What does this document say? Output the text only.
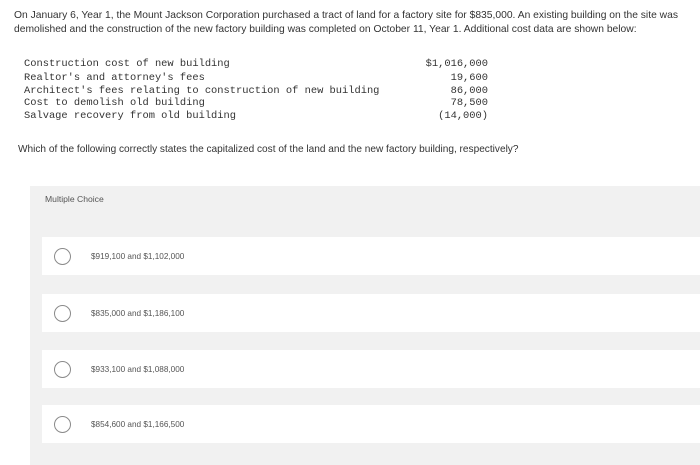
On January 6, Year 1, the Mount Jackson Corporation purchased a tract of land for a factory site for $835,000. An existing building on the site was demolished and the construction of the new factory building was completed on October 11, Year 1. Additional cost data are shown below:
Construction cost of new building	$1,016,000
Realtor's and attorney's fees	19,600
Architect's fees relating to construction of new building	86,000
Cost to demolish old building	78,500
Salvage recovery from old building	(14,000)
Which of the following correctly states the capitalized cost of the land and the new factory building, respectively?
Multiple Choice
$919,100 and $1,102,000
$835,000 and $1,186,100
$933,100 and $1,088,000
$854,600 and $1,166,500
